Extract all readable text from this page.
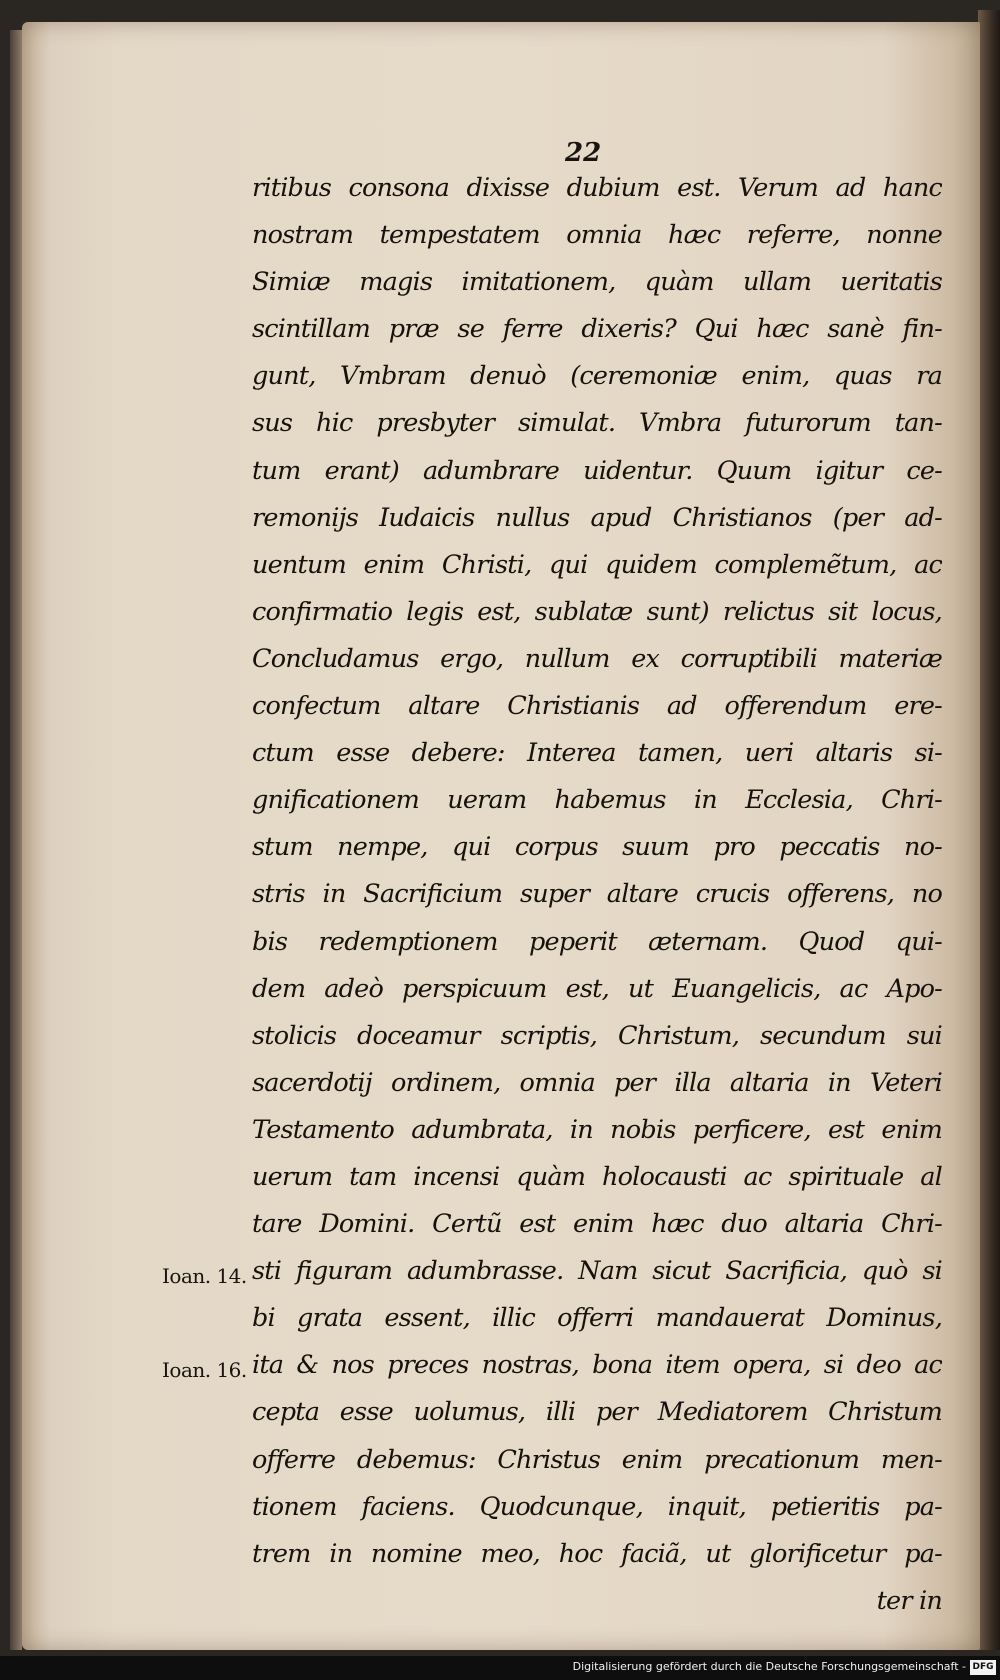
22
ritibus consona dixisse dubium est. Verum ad hanc
nostram tempestatem omnia hæc referre, nonne
Simiæ magis imitationem, quàm ullam ueritatis
scintillam præ se ferre dixeris? Qui hæc sanè fin-
gunt, Vmbram denuò (ceremoniæ enim, quas ra
sus hic presbyter simulat. Vmbra futurorum tan-
tum erant) adumbrare uidentur. Quum igitur ce-
remonijs Iudaicis nullus apud Christianos (per ad-
uentum enim Christi, qui quidem complemẽtum, ac
confirmatio legis est, sublatæ sunt) relictus sit locus,
Concludamus ergo, nullum ex corruptibili materiæ
confectum altare Christianis ad offerendum ere-
ctum esse debere: Interea tamen, ueri altaris si-
gnificationem ueram habemus in Ecclesia, Chri-
stum nempe, qui corpus suum pro peccatis no-
stris in Sacrificium super altare crucis offerens, no
bis redemptionem peperit æternam. Quod qui-
dem adeò perspicuum est, ut Euangelicis, ac Apo-
stolicis doceamur scriptis, Christum, secundum sui
sacerdotij ordinem, omnia per illa altaria in Veteri
Testamento adumbrata, in nobis perficere, est enim
uerum tam incensi quàm holocausti ac spirituale al
tare Domini. Certũ est enim hæc duo altaria Chri-
sti figuram adumbrasse. Nam sicut Sacrificia, quò si
bi grata essent, illic offerri mandauerat Dominus,
ita & nos preces nostras, bona item opera, si deo ac
cepta esse uolumus, illi per Mediatorem Christum
offerre debemus: Christus enim precationum men-
tionem faciens. Quodcunque, inquit, petieritis pa-
trem in nomine meo, hoc faciã, ut glorificetur pa-
ter in
Ioan. 14.
Ioan. 16.
Digitalisierung gefördert durch die Deutsche Forschungsgemeinschaft - DFG
